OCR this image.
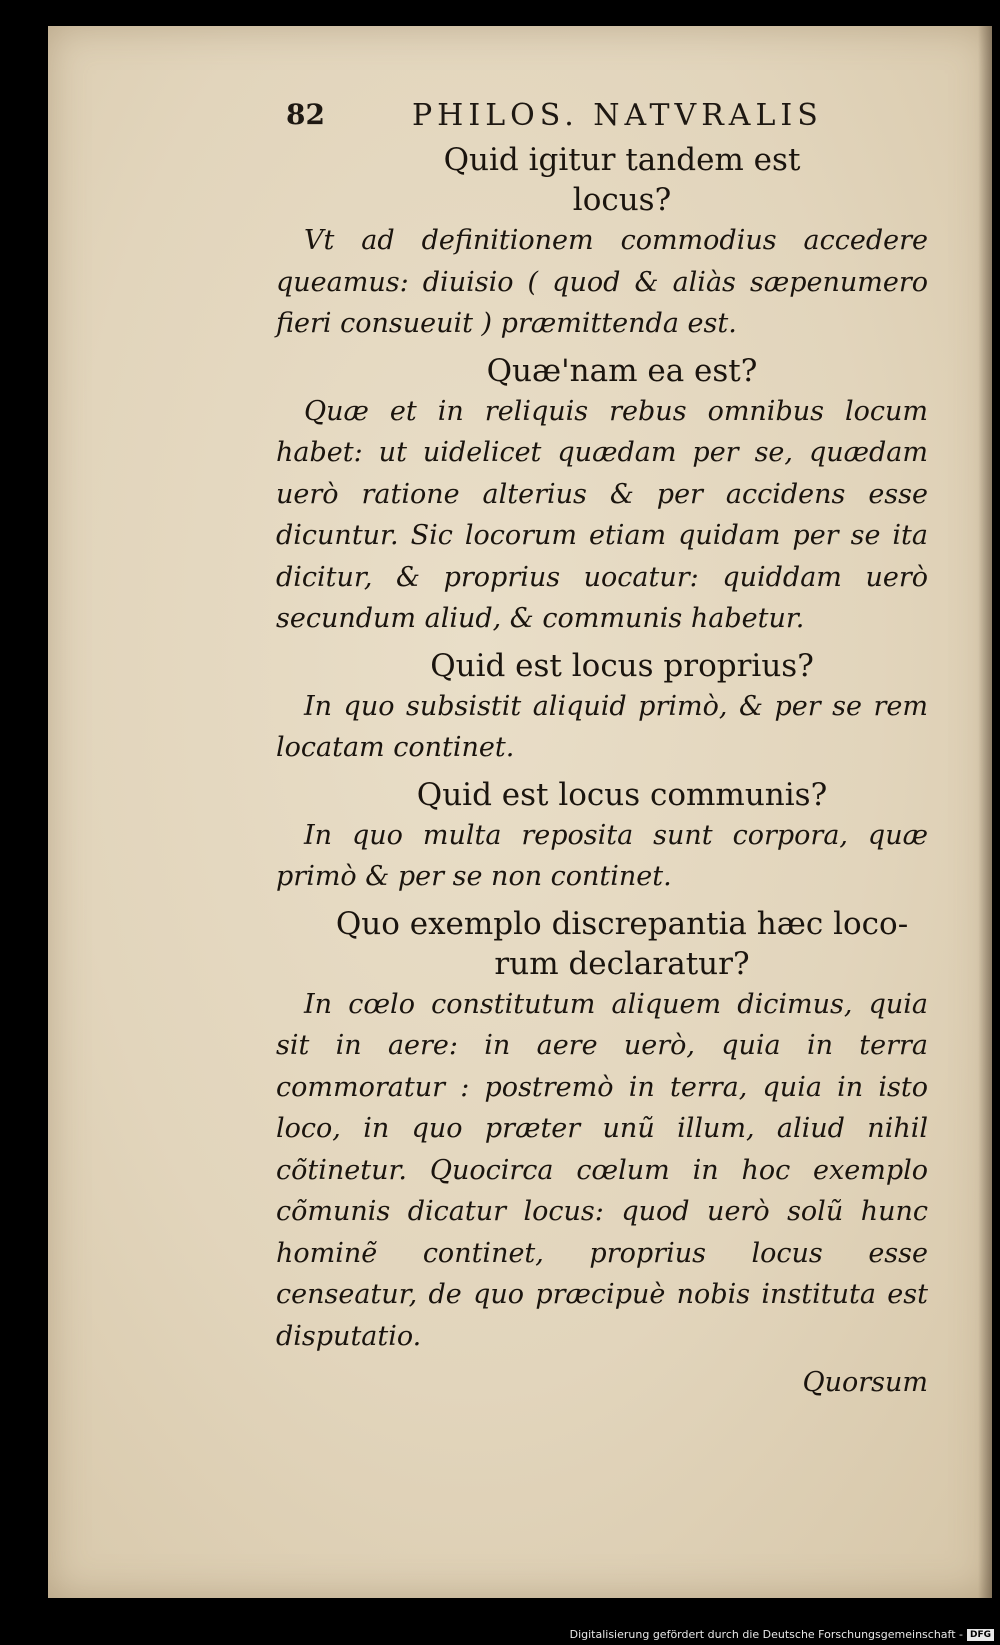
82	PHILOS. NATVRALIS

Quid igitur tandem est
locus?

Vt ad definitionem commodius accedere queamus: diuisio ( quod & aliàs sæpenumero fieri consueuit ) præmittenda est.

Quæ'nam ea est?

Quæ et in reliquis rebus omnibus locum habet: ut uidelicet quædam per se, quædam uerò ratione alterius & per accidens esse dicuntur. Sic locorum etiam quidam per se ita dicitur, & proprius uocatur: quiddam uerò secundum aliud, & communis habetur.

Quid est locus proprius?

In quo subsistit aliquid primò, & per se rem locatam continet.

Quid est locus communis?

In quo multa reposita sunt corpora, quæ primò & per se non continet.

Quo exemplo discrepantia hæc loco-
rum declaratur?

In cœlo constitutum aliquem dicimus, quia sit in aere: in aere uerò, quia in terra commoratur : postremò in terra, quia in isto loco, in quo præter unũ illum, aliud nihil cõtinetur. Quocirca cœlum in hoc exemplo cõmunis dicatur locus: quod uerò solũ hunc hominẽ continet, proprius locus esse censeatur, de quo præcipuè nobis instituta est disputatio.

Quorsum

Digitalisierung gefördert durch die Deutsche Forschungsgemeinschaft - DFG
